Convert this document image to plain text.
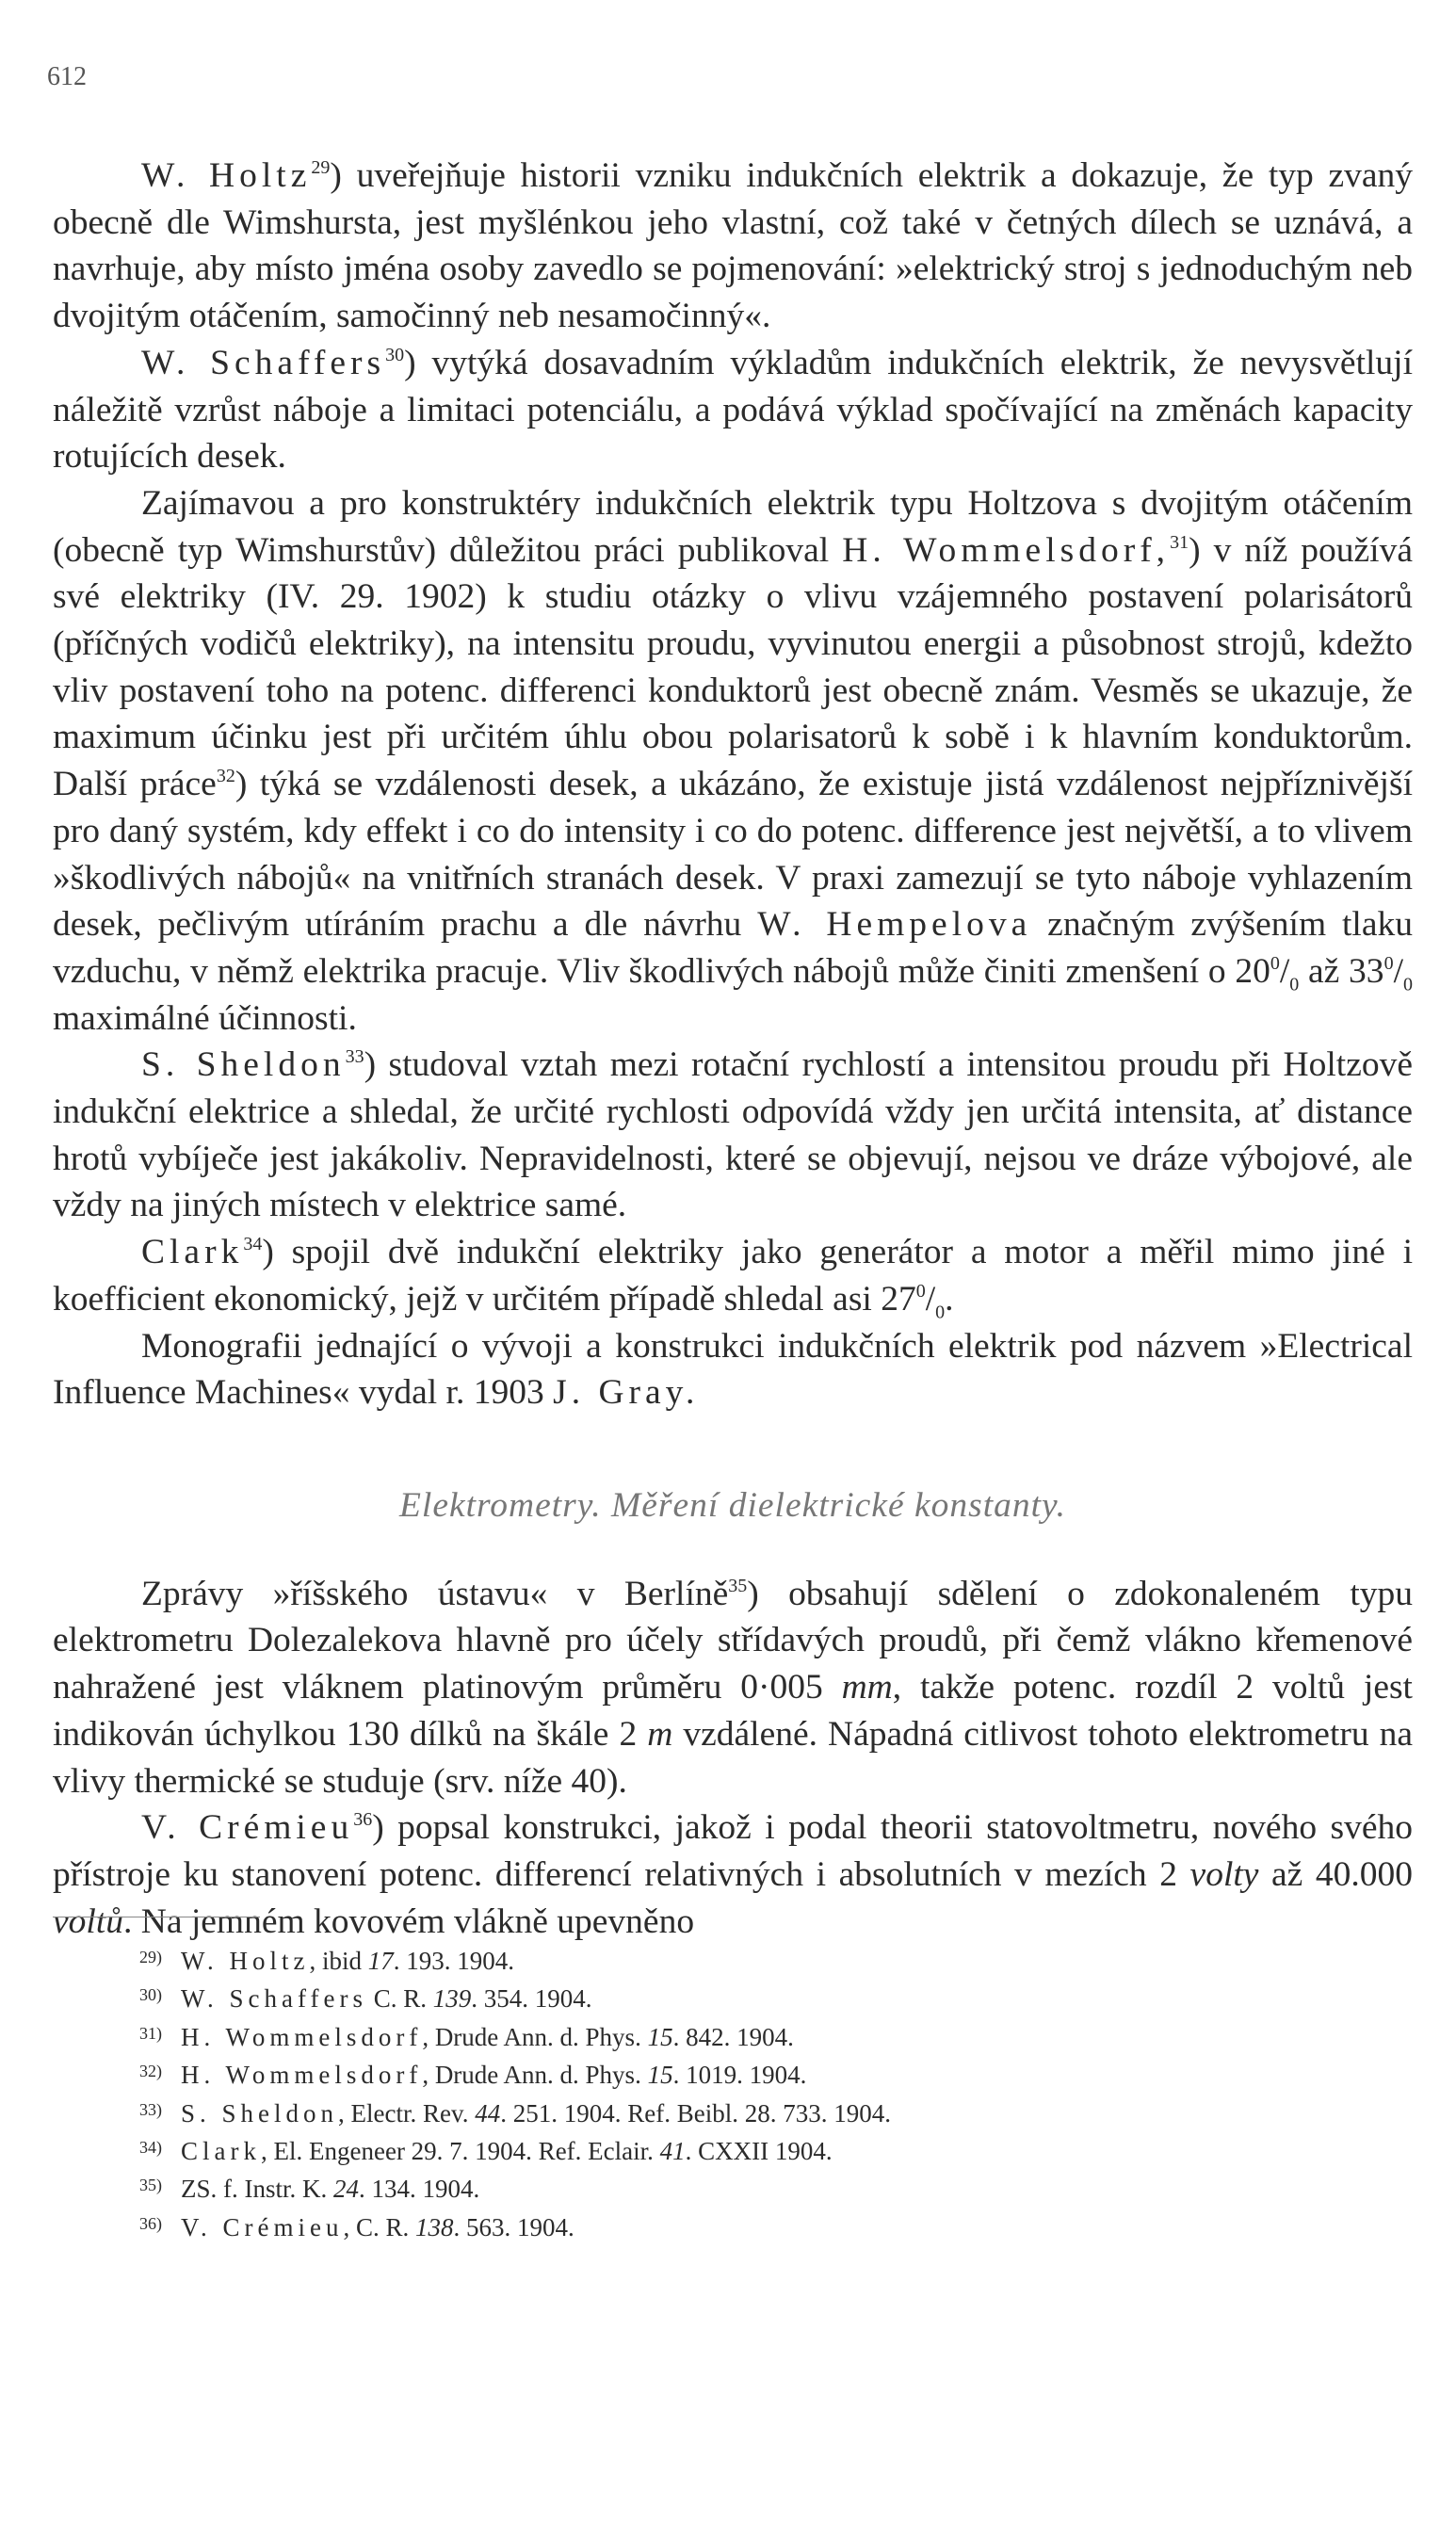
612

W. Holtz$^{29}$) uveřejňuje historii vzniku indukčních elektrik a dokazuje, že typ zvaný obecně dle Wimshursta, jest myšlénkou jeho vlastní, což také v četných dílech se uznává, a navrhuje, aby místo jména osoby zavedlo se pojmenování: »elektrický stroj s jednoduchým neb dvojitým otáčením, samočinný neb nesamočinný«.

W. Schaffers$^{30}$) vytýká dosavadním výkladům indukčních elektrik, že nevysvětlují náležitě vzrůst náboje a limitaci potenciálu, a podává výklad spočívající na změnách kapacity rotujících desek.

Zajímavou a pro konstruktéry indukčních elektrik typu Holtzova s dvojitým otáčením (obecně typ Wimshurstův) důležitou práci publikoval H. Wommelsdorf,$^{31}$) v níž používá své elektriky (IV. 29. 1902) k studiu otázky o vlivu vzájemného postavení polarisátorů (příčných vodičů elektriky), na intensitu proudu, vyvinutou energii a působnost strojů, kdežto vliv postavení toho na potenc. differenci konduktorů jest obecně znám. Vesměs se ukazuje, že maximum účinku jest při určitém úhlu obou polarisatorů k sobě i k hlavním konduktorům. Další práce$^{32}$) týká se vzdálenosti desek, a ukázáno, že existuje jistá vzdálenost nejpříznivější pro daný systém, kdy effekt i co do intensity i co do potenc. difference jest největší, a to vlivem »škodlivých nábojů« na vnitřních stranách desek. V praxi zamezují se tyto náboje vyhlazením desek, pečlivým utíráním prachu a dle návrhu W. Hempelova značným zvýšením tlaku vzduchu, v němž elektrika pracuje. Vliv škodlivých nábojů může činiti zmenšení o $20^0/_0$ až $33^0/_0$ maximálné účinnosti.

S. Sheldon$^{33}$) studoval vztah mezi rotační rychlostí a intensitou proudu při Holtzově indukční elektrice a shledal, že určité rychlosti odpovídá vždy jen určitá intensita, ať distance hrotů vybíječe jest jakákoliv. Nepravidelnosti, které se objevují, nejsou ve dráze výbojové, ale vždy na jiných místech v elektrice samé.

Clark$^{34}$) spojil dvě indukční elektriky jako generátor a motor a měřil mimo jiné i koefficient ekonomický, jejž v určitém případě shledal asi $27^0/_0$.

Monografii jednající o vývoji a konstrukci indukčních elektrik pod názvem »Electrical Influence Machines« vydal r. 1903 J. Gray.

Elektrometry. Měření dielektrické konstanty.

Zprávy »říšského ústavu« v Berlíně$^{35}$) obsahují sdělení o zdokonaleném typu elektrometru Dolezalekova hlavně pro účely střídavých proudů, při čemž vlákno křemenové nahražené jest vláknem platinovým průměru 0·005 mm, takže potenc. rozdíl 2 voltů jest indikován úchylkou 130 dílků na škále 2 m vzdálené. Nápadná citlivost tohoto elektrometru na vlivy thermické se studuje (srv. níže 40).

V. Crémieu$^{36}$) popsal konstrukci, jakož i podal theorii statovoltmetru, nového svého přístroje ku stanovení potenc. differencí relativných i absolutních v mezích 2 volty až 40.000 voltů. Na jemném kovovém vlákně upevněno

29) W. Holtz, ibid 17. 193. 1904.
30) W. Schaffers C. R. 139. 354. 1904.
31) H. Wommelsdorf, Drude Ann. d. Phys. 15. 842. 1904.
32) H. Wommelsdorf, Drude Ann. d. Phys. 15. 1019. 1904.
33) S. Sheldon, Electr. Rev. 44. 251. 1904. Ref. Beibl. 28. 733. 1904.
34) Clark, El. Engeneer 29. 7. 1904. Ref. Eclair. 41. CXXII 1904.
35) ZS. f. Instr. K. 24. 134. 1904.
36) V. Crémieu, C. R. 138. 563. 1904.
